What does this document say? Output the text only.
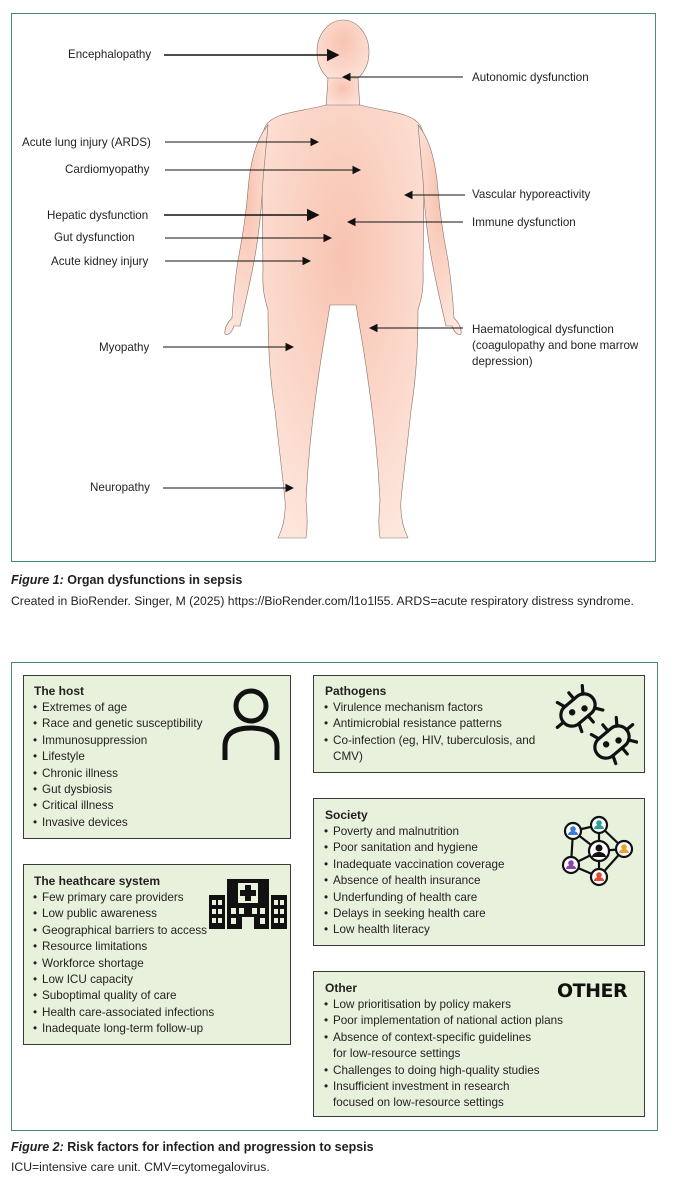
Encephalopathy
Autonomic dysfunction
Acute lung injury (ARDS)
Cardiomyopathy
Vascular hyporeactivity
Hepatic dysfunction
Immune dysfunction
Gut dysfunction
Acute kidney injury
Haematological dysfunction (coagulopathy and bone marrow depression)
Myopathy
Neuropathy
Figure 1: Organ dysfunctions in sepsis
Created in BioRender. Singer, M (2025) https://BioRender.com/l1o1l55. ARDS=acute respiratory distress syndrome.
The host
• Extremes of age
• Race and genetic susceptibility
• Immunosuppression
• Lifestyle
• Chronic illness
• Gut dysbiosis
• Critical illness
• Invasive devices
The heathcare system
• Few primary care providers
• Low public awareness
• Geographical barriers to access
• Resource limitations
• Workforce shortage
• Low ICU capacity
• Suboptimal quality of care
• Health care-associated infections
• Inadequate long-term follow-up
Pathogens
• Virulence mechanism factors
• Antimicrobial resistance patterns
• Co-infection (eg, HIV, tuberculosis, and
CMV)
Society
• Poverty and malnutrition
• Poor sanitation and hygiene
• Inadequate vaccination coverage
• Absence of health insurance
• Underfunding of health care
• Delays in seeking health care
• Low health literacy
Other	OTHER
• Low prioritisation by policy makers
• Poor implementation of national action plans
• Absence of context-specific guidelines
for low-resource settings
• Challenges to doing high-quality studies
• Insufficient investment in research
focused on low-resource settings
Figure 2: Risk factors for infection and progression to sepsis
ICU=intensive care unit. CMV=cytomegalovirus.
